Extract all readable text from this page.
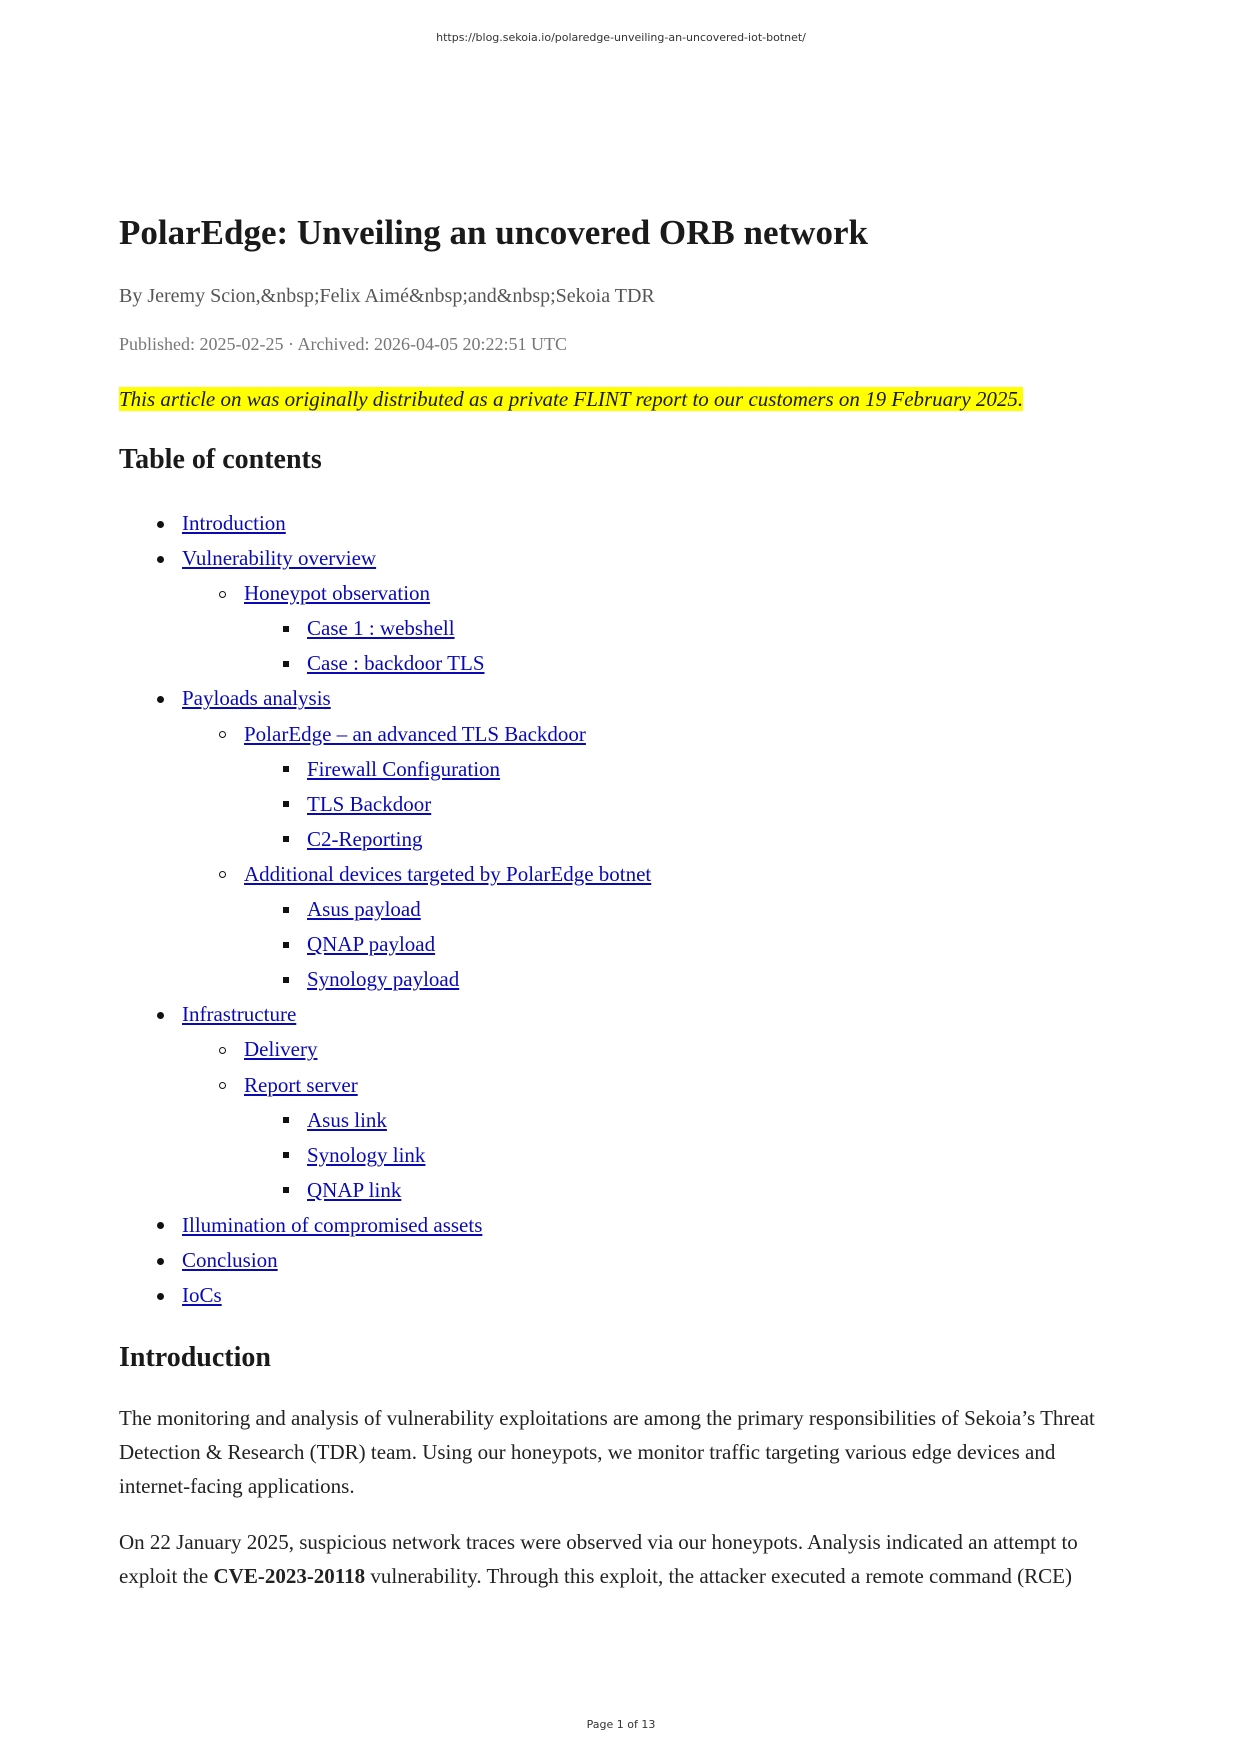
https://blog.sekoia.io/polaredge-unveiling-an-uncovered-iot-botnet/
PolarEdge: Unveiling an uncovered ORB network
By Jeremy Scion,&nbsp;Felix Aimé&nbsp;and&nbsp;Sekoia TDR
Published: 2025-02-25 · Archived: 2026-04-05 20:22:51 UTC
This article on was originally distributed as a private FLINT report to our customers on 19 February 2025.
Table of contents
Introduction
Vulnerability overview
Honeypot observation
Case 1 : webshell
Case : backdoor TLS
Payloads analysis
PolarEdge – an advanced TLS Backdoor
Firewall Configuration
TLS Backdoor
C2-Reporting
Additional devices targeted by PolarEdge botnet
Asus payload
QNAP payload
Synology payload
Infrastructure
Delivery
Report server
Asus link
Synology link
QNAP link
Illumination of compromised assets
Conclusion
IoCs
Introduction

The monitoring and analysis of vulnerability exploitations are among the primary responsibilities of Sekoia’s Threat Detection & Research (TDR) team. Using our honeypots, we monitor traffic targeting various edge devices and internet-facing applications.

On 22 January 2025, suspicious network traces were observed via our honeypots. Analysis indicated an attempt to exploit the CVE-2023-20118 vulnerability. Through this exploit, the attacker executed a remote command (RCE)

Page 1 of 13
